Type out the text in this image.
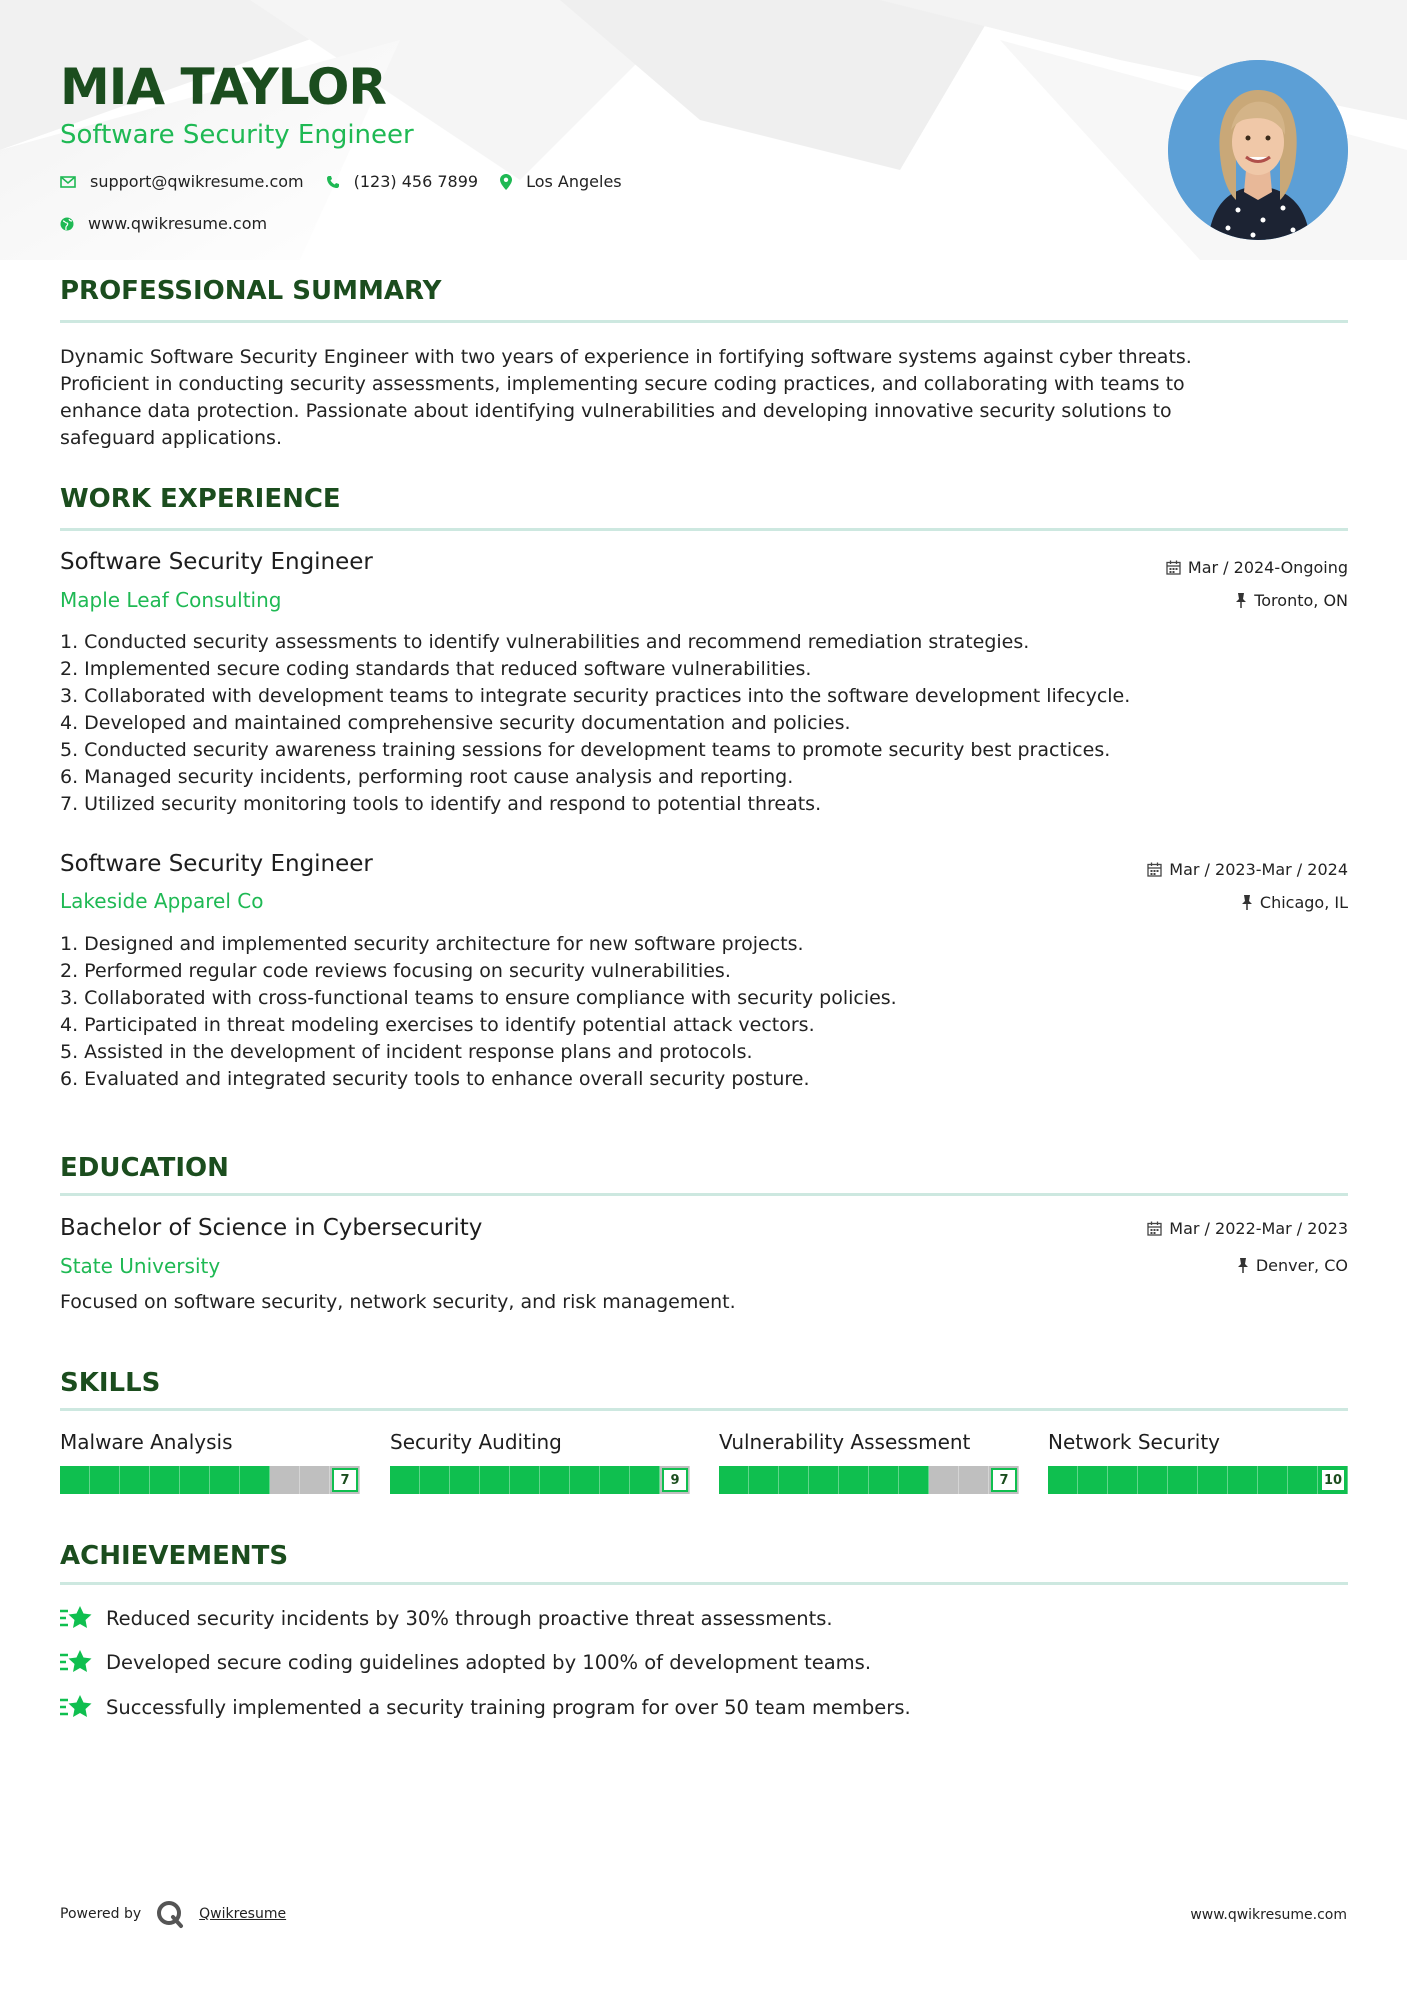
MIA TAYLOR
Software Security Engineer
support@qwikresume.com	(123) 456 7899	Los Angeles
www.qwikresume.com
PROFESSIONAL SUMMARY
Dynamic Software Security Engineer with two years of experience in fortifying software systems against cyber threats.
Proficient in conducting security assessments, implementing secure coding practices, and collaborating with teams to
enhance data protection. Passionate about identifying vulnerabilities and developing innovative security solutions to
safeguard applications.
WORK EXPERIENCE
Software Security Engineer
Maple Leaf Consulting
Mar / 2024-Ongoing
Toronto, ON
1. Conducted security assessments to identify vulnerabilities and recommend remediation strategies.
2. Implemented secure coding standards that reduced software vulnerabilities.
3. Collaborated with development teams to integrate security practices into the software development lifecycle.
4. Developed and maintained comprehensive security documentation and policies.
5. Conducted security awareness training sessions for development teams to promote security best practices.
6. Managed security incidents, performing root cause analysis and reporting.
7. Utilized security monitoring tools to identify and respond to potential threats.
Software Security Engineer
Lakeside Apparel Co
Mar / 2023-Mar / 2024
Chicago, IL
1. Designed and implemented security architecture for new software projects.
2. Performed regular code reviews focusing on security vulnerabilities.
3. Collaborated with cross-functional teams to ensure compliance with security policies.
4. Participated in threat modeling exercises to identify potential attack vectors.
5. Assisted in the development of incident response plans and protocols.
6. Evaluated and integrated security tools to enhance overall security posture.
EDUCATION
Bachelor of Science in Cybersecurity
State University
Mar / 2022-Mar / 2023
Denver, CO
Focused on software security, network security, and risk management.
SKILLS
Malware Analysis
7
Security Auditing
9
Vulnerability Assessment
7
Network Security
10
ACHIEVEMENTS
Reduced security incidents by 30% through proactive threat assessments.
Developed secure coding guidelines adopted by 100% of development teams.
Successfully implemented a security training program for over 50 team members.
Powered by	Qwikresume	www.qwikresume.com
